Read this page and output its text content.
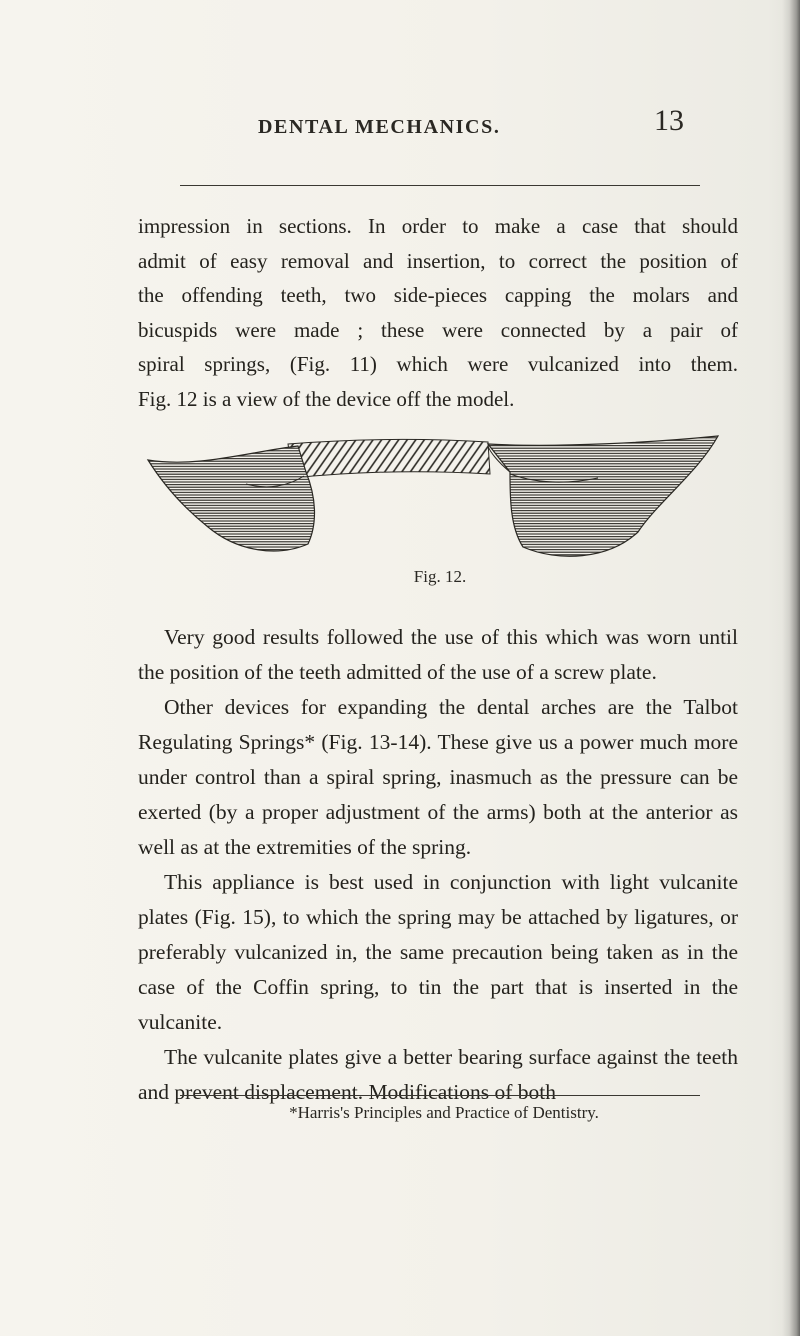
DENTAL MECHANICS.	13
impression in sections. In order to make a case that should
admit of easy removal and insertion, to correct the position of
the offending teeth, two side-pieces capping the molars and
bicuspids were made ; these were connected by a pair of
spiral springs, (Fig. 11) which were vulcanized into them.
Fig. 12 is a view of the device off the model.
Fig. 12.

Very good results followed the use of this which was worn until the position of the teeth admitted of the use of a screw plate.

Other devices for expanding the dental arches are the Talbot Regulating Springs* (Fig. 13-14). These give us a power much more under control than a spiral spring, inasmuch as the pressure can be exerted (by a proper adjustment of the arms) both at the anterior as well as at the extremities of the spring.

This appliance is best used in conjunction with light vulcanite plates (Fig. 15), to which the spring may be attached by ligatures, or preferably vulcanized in, the same precaution being taken as in the case of the Coffin spring, to tin the part that is inserted in the vulcanite.

The vulcanite plates give a better bearing surface against the teeth and prevent displacement. Modifications of both

*Harris's Principles and Practice of Dentistry.
